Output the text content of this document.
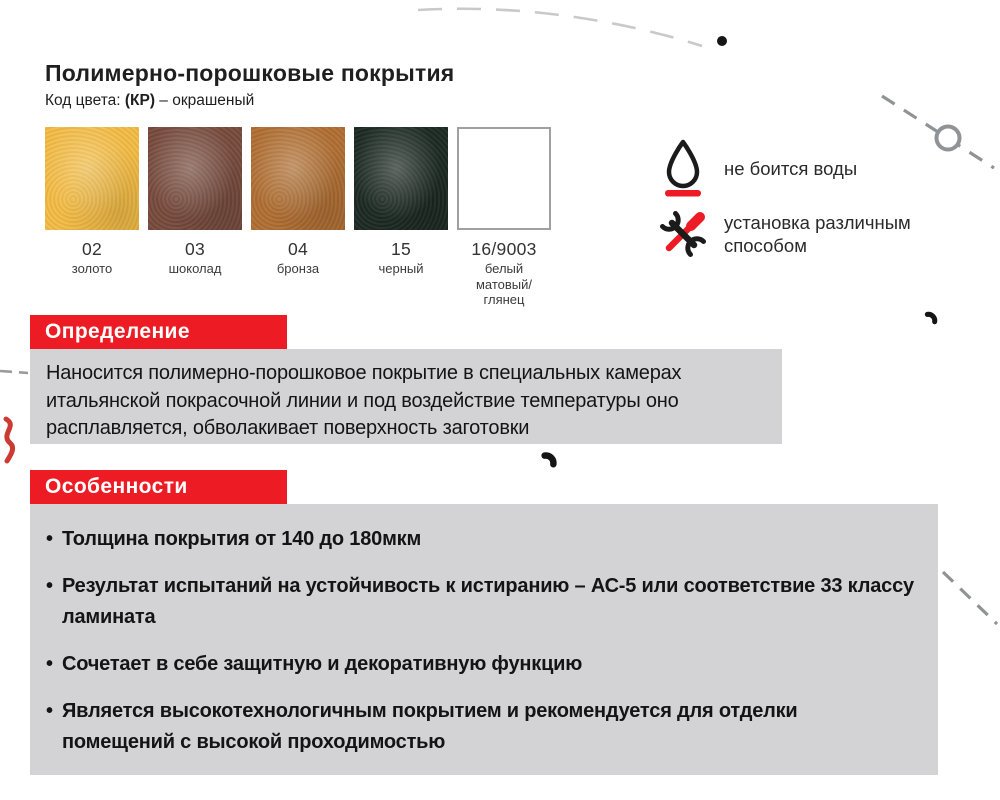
Полимерно-порошковые покрытия
Код цвета: (КР) – окрашеный
02
золото
03
шоколад
04
бронза
15
черный
16/9003
белый
матовый/глянец
не боится воды
установка различным способом
Определение
Наносится полимерно-порошковое покрытие в специальных камерах итальянской покрасочной линии и под воздействие температуры оно расплавляется, обволакивает поверхность заготовки
Особенности
• Толщина покрытия от 140 до 180мкм
• Результат испытаний на устойчивость к истиранию – АС-5 или соответствие 33 классу ламината
• Сочетает в себе защитную и декоративную функцию
• Является высокотехнологичным покрытием и рекомендуется для отделки помещений с высокой проходимостью
